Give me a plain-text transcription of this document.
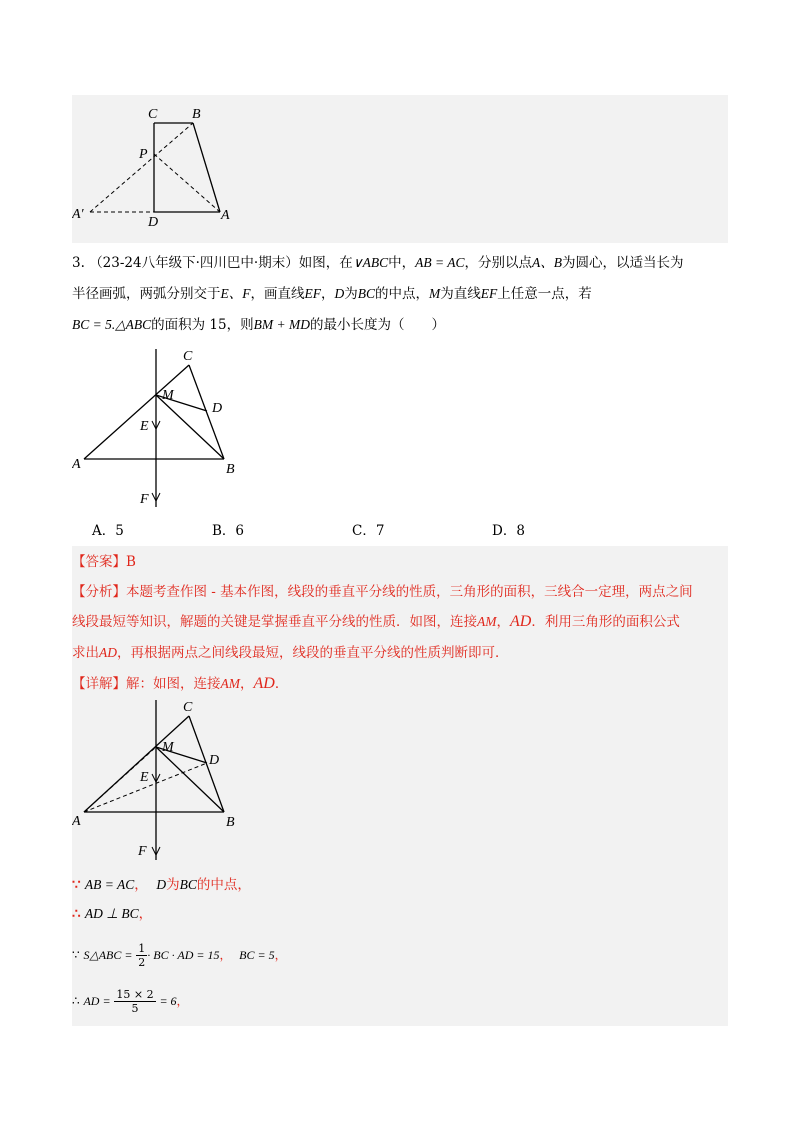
C B
P
A′
D	A
3. （23-24八年级下·四川巴中·期末）如图，在∨ABC中，AB = AC，分别以点A、B为圆心，以适当长为
半径画弧，两弧分别交于E、F，画直线EF，D为BC的中点，M为直线EF上任意一点，若
BC = 5.△ABC的面积为 15，则BM + MD的最小长度为（　　）
C
M
D
E
A	B
F
A．5	B．6	C．7	D．8
【答案】B
【分析】本题考查作图 - 基本作图，线段的垂直平分线的性质，三角形的面积，三线合一定理，两点之间
线段最短等知识，解题的关键是掌握垂直平分线的性质．如图，连接AM，AD．利用三角形的面积公式
求出AD，再根据两点之间线段最短，线段的垂直平分线的性质判断即可．
【详解】解：如图，连接AM，AD．
C
M
D
E
A	B
F
∵ AB = AC， D为BC的中点，
∴ AD ⊥ BC，
∵ S△ABC = $\frac{1}{2}$ · BC · AD = 15， BC = 5，
∴ AD = $\frac{15 \times 2}{5} = 6$，
